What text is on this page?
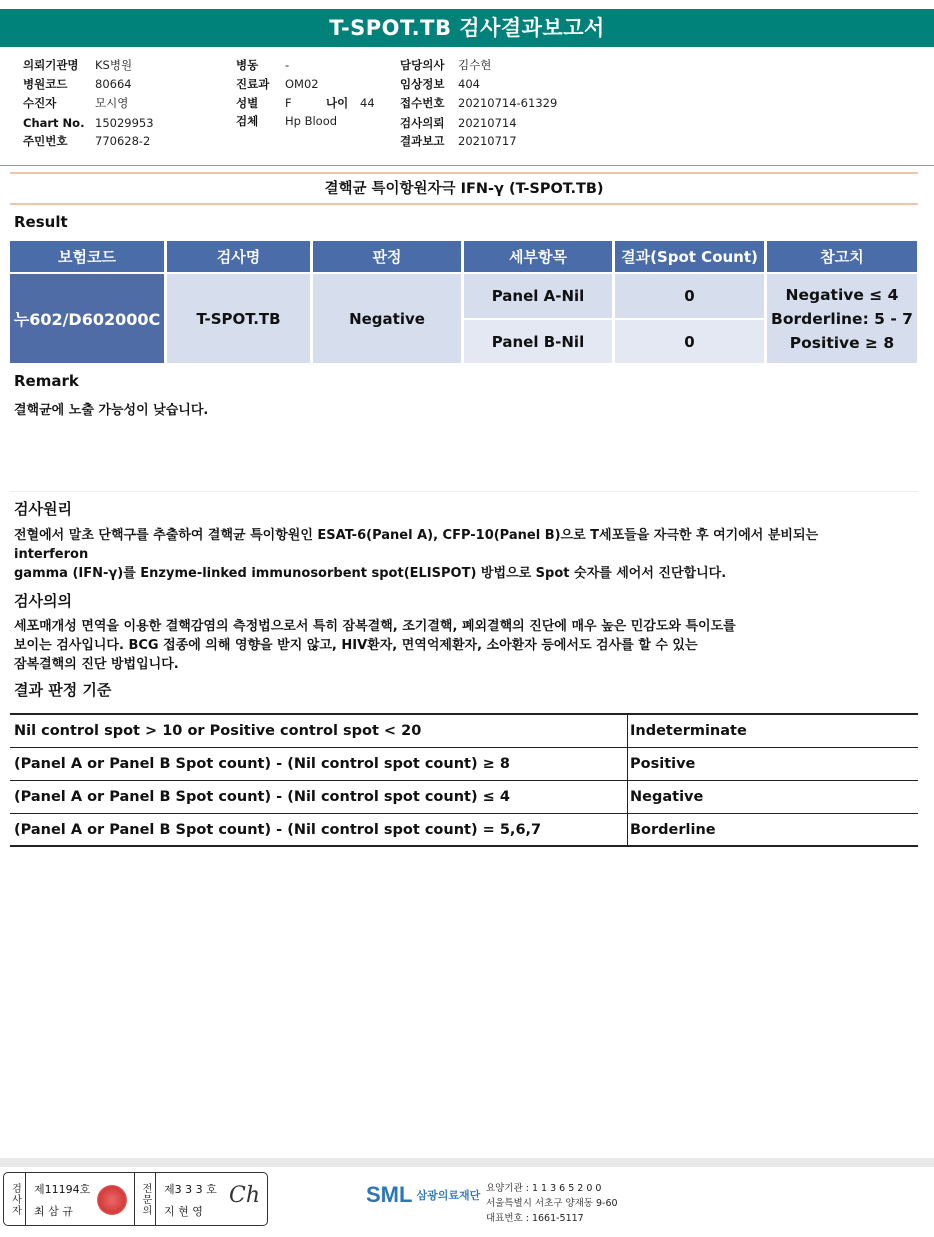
T-SPOT.TB 검사결과보고서
의뢰기관명 KS병원
병원코드 80664
수진자	모시영
Chart No. 15029953
주민번호 770628-2
병동 -
진료과 OM02
성별 F	나이 44
검체 Hp Blood
담당의사 김수현
임상정보 404
접수번호 20210714-61329
검사의뢰 20210714
결과보고 20210717
결핵균 특이항원자극 IFN-γ (T-SPOT.TB)
Result
보험코드	검사명	판정	세부항목	결과(Spot Count)	참고치
누602/D602000C	T-SPOT.TB	Negative
Panel A-Nil	0
Panel B-Nil	0
Negative ≤ 4
Borderline: 5 - 7
Positive ≥ 8
Remark
결핵균에 노출 가능성이 낮습니다.
검사원리
전혈에서 말초 단핵구를 추출하여 결핵균 특이항원인 ESAT-6(Panel A), CFP-10(Panel B)으로 T세포들을 자극한 후 여기에서 분비되는
interferon
gamma (IFN-γ)를 Enzyme-linked immunosorbent spot(ELISPOT) 방법으로 Spot 숫자를 세어서 진단합니다.
검사의의
세포매개성 면역을 이용한 결핵감염의 측정법으로서 특히 잠복결핵, 조기결핵, 폐외결핵의 진단에 매우 높은 민감도와 특이도를
보이는 검사입니다. BCG 접종에 의해 영향을 받지 않고, HIV환자, 면역억제환자, 소아환자 등에서도 검사를 할 수 있는
잠복결핵의 진단 방법입니다.
결과 판정 기준
Nil control spot > 10 or Positive control spot < 20	Indeterminate
(Panel A or Panel B Spot count) - (Nil control spot count) ≥ 8	Positive
(Panel A or Panel B Spot count) - (Nil control spot count) ≤ 4	Negative
(Panel A or Panel B Spot count) - (Nil control spot count) = 5,6,7	Borderline
검사자 제11194호
최 삼 규	전문의 제3 3 3 호
지 현 영
Ch	SML 삼광의료재단
요양기관 : 1 1 3 6 5 2 0 0
서울특별시 서초구 양재동 9-60
대표번호 : 1661-5117
